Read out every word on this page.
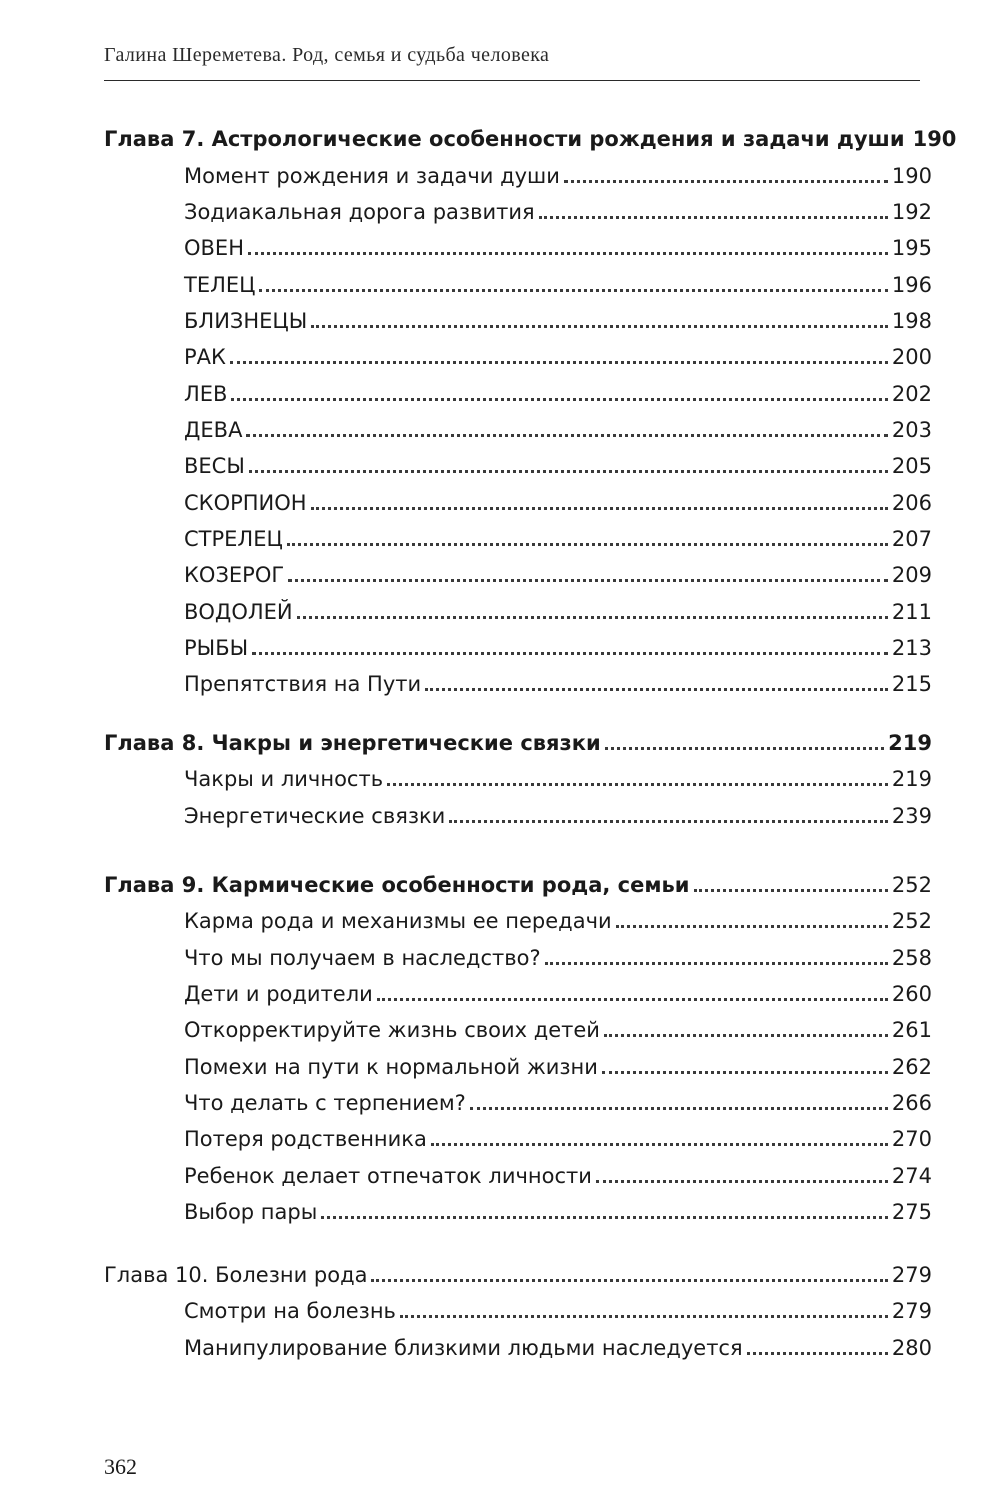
Галина Шереметева. Род, семья и судьба человека
Глава 7. Астрологические особенности рождения и задачи души 190
Момент рождения и задачи души	190
Зодиакальная дорога развития	192
ОВЕН	195
ТЕЛЕЦ	196
БЛИЗНЕЦЫ	198
РАК	200
ЛЕВ	202
ДЕВА	203
ВЕСЫ	205
СКОРПИОН	206
СТРЕЛЕЦ	207
КОЗЕРОГ	209
ВОДОЛЕЙ	211
РЫБЫ	213
Препятствия на Пути	215
Глава 8. Чакры и энергетические связки	219
Чакры и личность	219
Энергетические связки	239
Глава 9. Кармические особенности рода, семьи	252
Карма рода и механизмы ее передачи	252
Что мы получаем в наследство?	258
Дети и родители	260
Откорректируйте жизнь своих детей	261
Помехи на пути к нормальной жизни	262
Что делать с терпением?	266
Потеря родственника	270
Ребенок делает отпечаток личности	274
Выбор пары	275
Глава 10. Болезни рода	279
Смотри на болезнь	279
Манипулирование близкими людьми наследуется	280
362
